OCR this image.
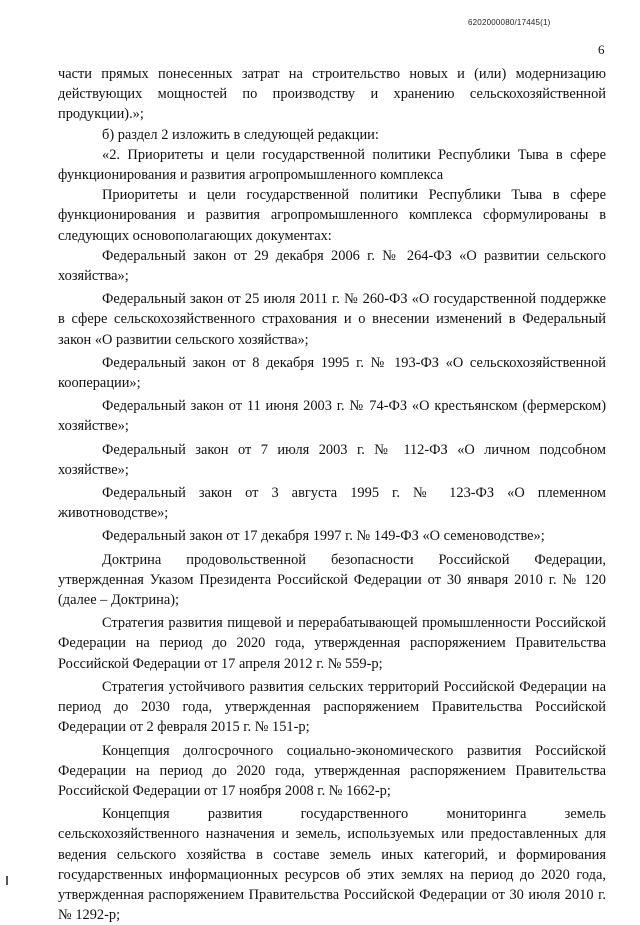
6202000080/17445(1)
6

части прямых понесенных затрат на строительство новых и (или) модернизацию действующих мощностей по производству и хранению сельскохозяйственной продукции).»;

б) раздел 2 изложить в следующей редакции:

«2. Приоритеты и цели государственной политики Республики Тыва в сфере функционирования и развития агропромышленного комплекса

Приоритеты и цели государственной политики Республики Тыва в сфере функционирования и развития агропромышленного комплекса сформулированы в следующих основополагающих документах:

Федеральный закон от 29 декабря 2006 г. № 264-ФЗ «О развитии сельского хозяйства»;

Федеральный закон от 25 июля 2011 г. № 260-ФЗ «О государственной поддержке в сфере сельскохозяйственного страхования и о внесении изменений в Федеральный закон «О развитии сельского хозяйства»;

Федеральный закон от 8 декабря 1995 г. № 193-ФЗ «О сельскохозяйственной кооперации»;

Федеральный закон от 11 июня 2003 г. № 74-ФЗ «О крестьянском (фермерском) хозяйстве»;

Федеральный закон от 7 июля 2003 г. № 112-ФЗ «О личном подсобном хозяйстве»;

Федеральный закон от 3 августа 1995 г. № 123-ФЗ «О племенном животноводстве»;

Федеральный закон от 17 декабря 1997 г. № 149-ФЗ «О семеноводстве»;

Доктрина продовольственной безопасности Российской Федерации, утвержденная Указом Президента Российской Федерации от 30 января 2010 г. № 120 (далее – Доктрина);

Стратегия развития пищевой и перерабатывающей промышленности Российской Федерации на период до 2020 года, утвержденная распоряжением Правительства Российской Федерации от 17 апреля 2012 г. № 559-р;

Стратегия устойчивого развития сельских территорий Российской Федерации на период до 2030 года, утвержденная распоряжением Правительства Российской Федерации от 2 февраля 2015 г. № 151-р;

Концепция долгосрочного социально-экономического развития Российской Федерации на период до 2020 года, утвержденная распоряжением Правительства Российской Федерации от 17 ноября 2008 г. № 1662-р;

Концепция развития государственного мониторинга земель сельскохозяйственного назначения и земель, используемых или предоставленных для ведения сельского хозяйства в составе земель иных категорий, и формирования государственных информационных ресурсов об этих землях на период до 2020 года, утвержденная распоряжением Правительства Российской Федерации от 30 июля 2010 г. № 1292-р;
